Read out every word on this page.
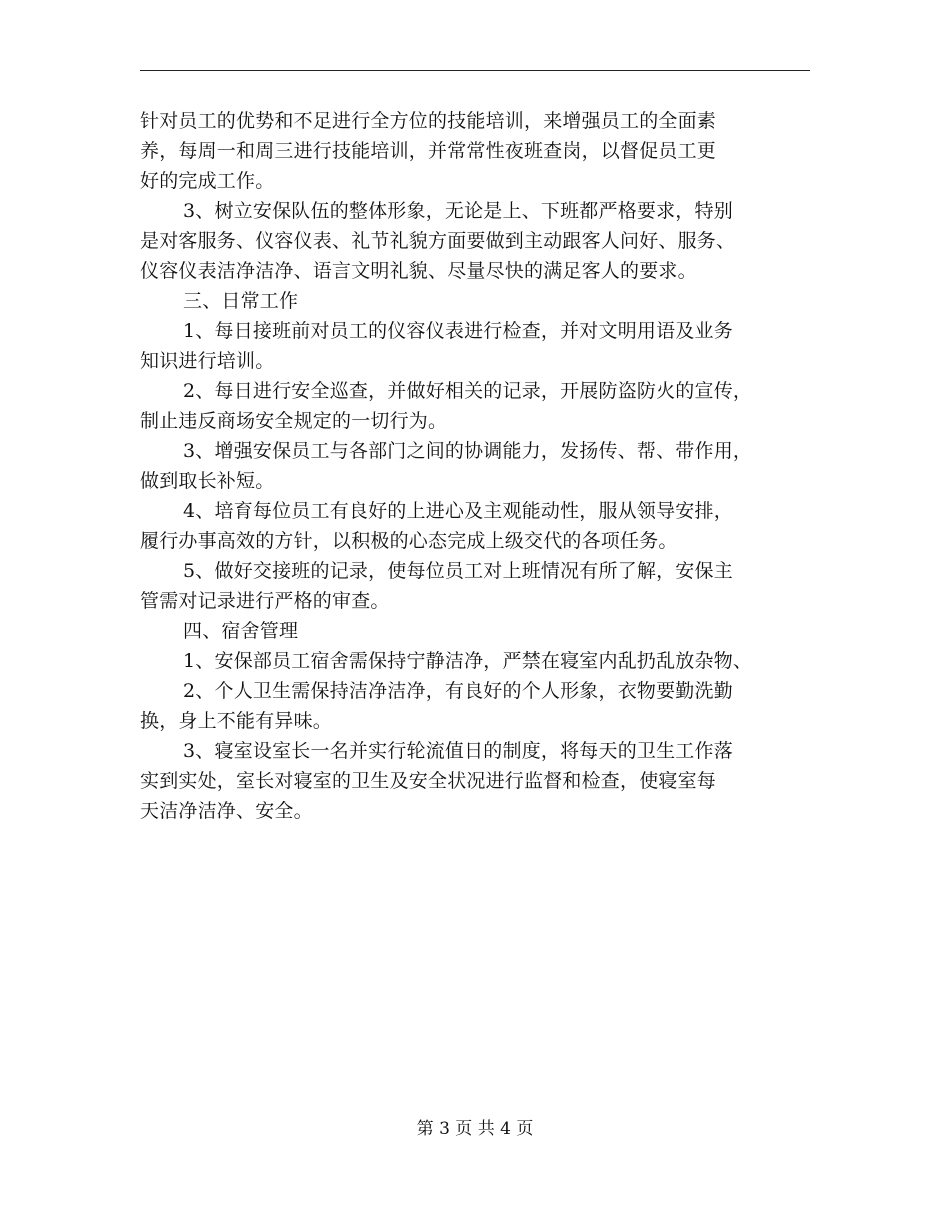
针对员工的优势和不足进行全方位的技能培训，来增强员工的全面素
养，每周一和周三进行技能培训，并常常性夜班查岗，以督促员工更
好的完成工作。
3、树立安保队伍的整体形象，无论是上、下班都严格要求，特别
是对客服务、仪容仪表、礼节礼貌方面要做到主动跟客人问好、服务、
仪容仪表洁净洁净、语言文明礼貌、尽量尽快的满足客人的要求。
三、日常工作
1、每日接班前对员工的仪容仪表进行检查，并对文明用语及业务
知识进行培训。
2、每日进行安全巡查，并做好相关的记录，开展防盗防火的宣传，
制止违反商场安全规定的一切行为。
3、增强安保员工与各部门之间的协调能力，发扬传、帮、带作用，
做到取长补短。
4、培育每位员工有良好的上进心及主观能动性，服从领导安排，
履行办事高效的方针，以积极的心态完成上级交代的各项任务。
5、做好交接班的记录，使每位员工对上班情况有所了解，安保主
管需对记录进行严格的审查。
四、宿舍管理
1、安保部员工宿舍需保持宁静洁净，严禁在寝室内乱扔乱放杂物、
2、个人卫生需保持洁净洁净，有良好的个人形象，衣物要勤洗勤
换，身上不能有异味。
3、寝室设室长一名并实行轮流值日的制度，将每天的卫生工作落
实到实处，室长对寝室的卫生及安全状况进行监督和检查，使寝室每
天洁净洁净、安全。
第 3 页 共 4 页
